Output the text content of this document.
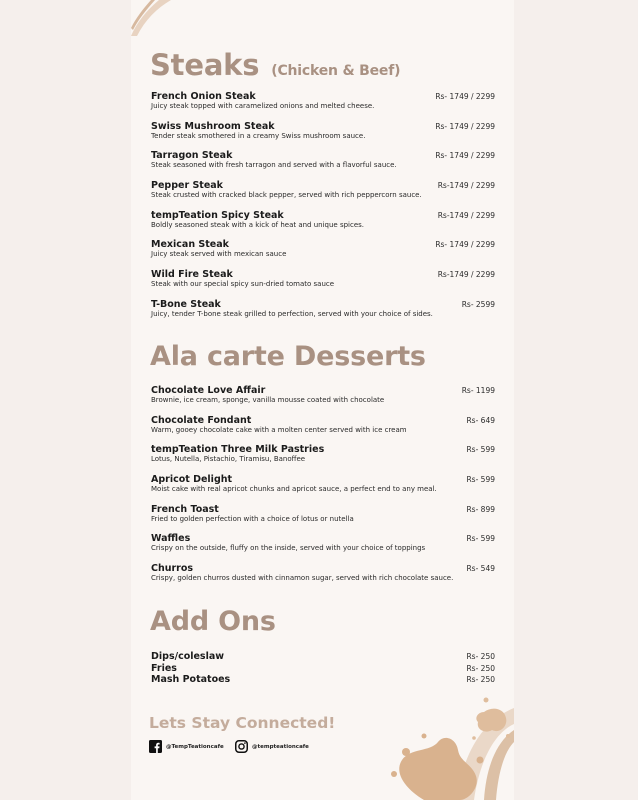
Steaks (Chicken & Beef)
French Onion Steak
Juicy steak topped with caramelized onions and melted cheese.
Rs- 1749 / 2299
Swiss Mushroom Steak
Tender steak smothered in a creamy Swiss mushroom sauce.
Rs- 1749 / 2299
Tarragon Steak
Steak seasoned with fresh tarragon and served with a flavorful sauce.
Rs- 1749 / 2299
Pepper Steak
Steak crusted with cracked black pepper, served with rich peppercorn sauce.
Rs-1749 / 2299
tempTeation Spicy Steak
Boldly seasoned steak with a kick of heat and unique spices.
Rs-1749 / 2299
Mexican Steak
Juicy steak served with mexican sauce
Rs- 1749 / 2299
Wild Fire Steak
Steak with our special spicy sun-dried tomato sauce
Rs-1749 / 2299
T-Bone Steak
Juicy, tender T-bone steak grilled to perfection, served with your choice of sides.
Rs- 2599
Ala carte Desserts
Chocolate Love Affair
Brownie, ice cream, sponge, vanilla mousse coated with chocolate
Rs- 1199
Chocolate Fondant
Warm, gooey chocolate cake with a molten center served with ice cream
Rs- 649
tempTeation Three Milk Pastries
Lotus, Nutella, Pistachio, Tiramisu, Banoffee
Rs- 599
Apricot Delight
Moist cake with real apricot chunks and apricot sauce, a perfect end to any meal.
Rs- 599
French Toast
Fried to golden perfection with a choice of lotus or nutella
Rs- 899
Waffles
Crispy on the outside, fluffy on the inside, served with your choice of toppings
Rs- 599
Churros
Crispy, golden churros dusted with cinnamon sugar, served with rich chocolate sauce.
Rs- 549
Add Ons
Dips/coleslaw	Rs- 250
Fries	Rs- 250
Mash Potatoes	Rs- 250
Lets Stay Connected!
@TempTeationcafe	@tempteationcafe
